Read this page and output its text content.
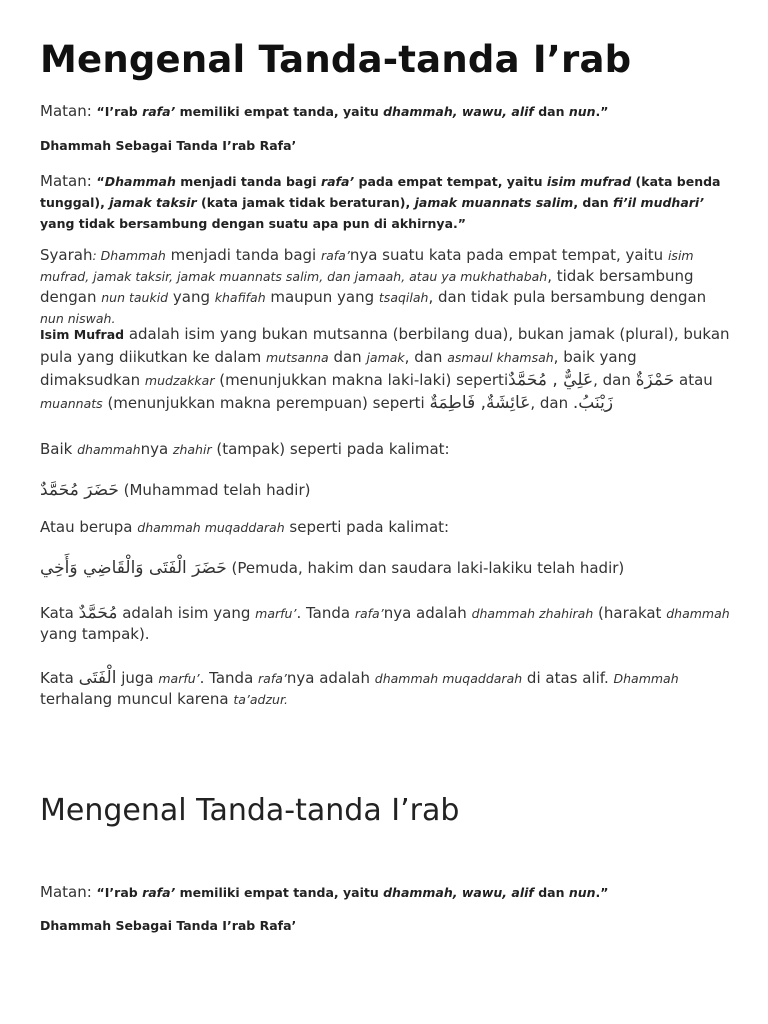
Mengenal Tanda-tanda I’rab

Matan: “I’rab rafa’ memiliki empat tanda, yaitu dhammah, wawu, alif dan nun.”

Dhammah Sebagai Tanda I’rab Rafa’

Matan: “Dhammah menjadi tanda bagi rafa’ pada empat tempat, yaitu isim mufrad (kata benda tunggal), jamak taksir (kata jamak tidak beraturan), jamak muannats salim, dan fi’il mudhari’ yang tidak bersambung dengan suatu apa pun di akhirnya.”

Syarah: Dhammah menjadi tanda bagi rafa’nya suatu kata pada empat tempat, yaitu isim mufrad, jamak taksir, jamak muannats salim, dan jamaah, atau ya mukhathabah, tidak bersambung dengan nun taukid yang khafifah maupun yang tsaqilah, dan tidak pula bersambung dengan nun niswah.

Isim Mufrad adalah isim yang bukan mutsanna (berbilang dua), bukan jamak (plural), bukan pula yang diikutkan ke dalam mutsanna dan jamak, dan asmaul khamsah, baik yang dimaksudkan mudzakkar (menunjukkan makna laki-laki) sepertiعَلِيٌّ , مُحَمَّدٌ, dan حَمْزَةٌ atau muannats (menunjukkan makna perempuan) seperti عَائِشَةٌ, فَاطِمَةٌ, dan زَيْنَبُ.

Baik dhammahnya zhahir (tampak) seperti pada kalimat:

حَضَرَ مُحَمَّدٌ (Muhammad telah hadir)

Atau berupa dhammah muqaddarah seperti pada kalimat:

حَضَرَ الْفَتَى وَالْقَاضِي وَأَخِي (Pemuda, hakim dan saudara laki-lakiku telah hadir)

Kata مُحَمَّدٌ adalah isim yang marfu’. Tanda rafa’nya adalah dhammah zhahirah (harakat dhammah yang tampak).

Kata الْفَتَى juga marfu’. Tanda rafa’nya adalah dhammah muqaddarah di atas alif. Dhammah terhalang muncul karena ta’adzur.

Mengenal Tanda-tanda I’rab

Matan: “I’rab rafa’ memiliki empat tanda, yaitu dhammah, wawu, alif dan nun.”

Dhammah Sebagai Tanda I’rab Rafa’
